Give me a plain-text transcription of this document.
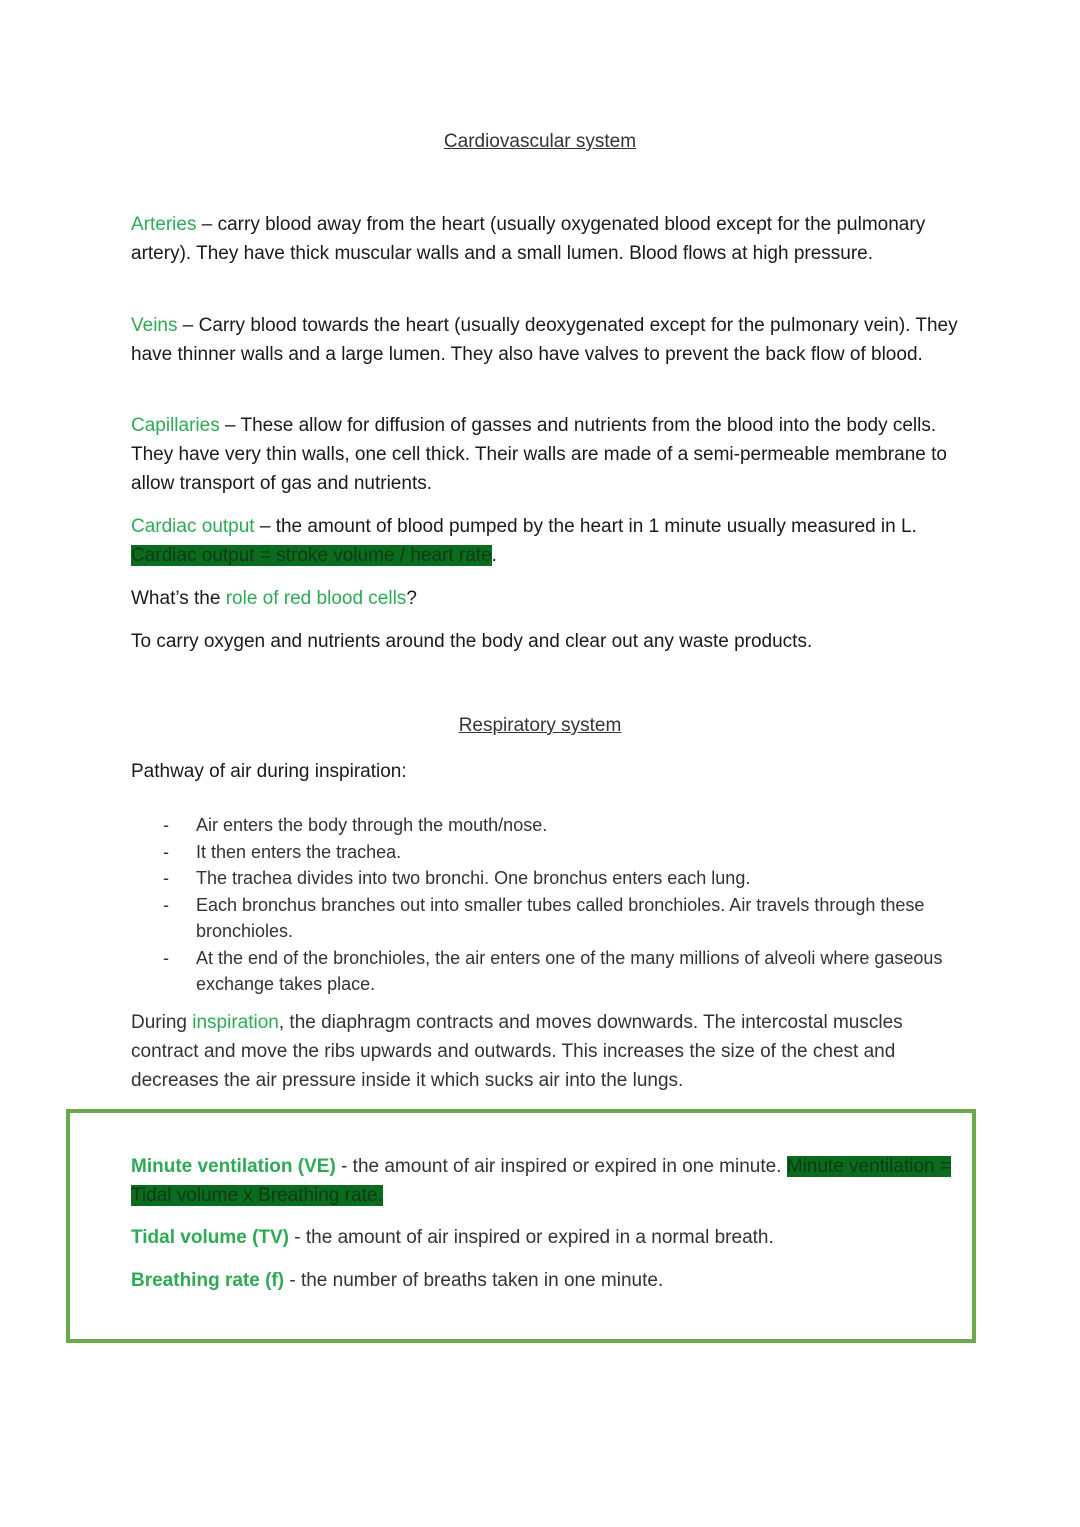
Cardiovascular system
Arteries – carry blood away from the heart (usually oxygenated blood except for the pulmonary artery). They have thick muscular walls and a small lumen. Blood flows at high pressure.
Veins – Carry blood towards the heart (usually deoxygenated except for the pulmonary vein). They have thinner walls and a large lumen. They also have valves to prevent the back flow of blood.
Capillaries – These allow for diffusion of gasses and nutrients from the blood into the body cells. They have very thin walls, one cell thick. Their walls are made of a semi-permeable membrane to allow transport of gas and nutrients.
Cardiac output – the amount of blood pumped by the heart in 1 minute usually measured in L. Cardiac output = stroke volume / heart rate.
What’s the role of red blood cells?
To carry oxygen and nutrients around the body and clear out any waste products.
Respiratory system
Pathway of air during inspiration:
- Air enters the body through the mouth/nose.
- It then enters the trachea.
- The trachea divides into two bronchi. One bronchus enters each lung.
- Each bronchus branches out into smaller tubes called bronchioles. Air travels through these bronchioles.
- At the end of the bronchioles, the air enters one of the many millions of alveoli where gaseous exchange takes place.
During inspiration, the diaphragm contracts and moves downwards. The intercostal muscles contract and move the ribs upwards and outwards. This increases the size of the chest and decreases the air pressure inside it which sucks air into the lungs.
Minute ventilation (VE) - the amount of air inspired or expired in one minute. Minute ventilation = Tidal volume x Breathing rate.
Tidal volume (TV) - the amount of air inspired or expired in a normal breath.
Breathing rate (f) - the number of breaths taken in one minute.
